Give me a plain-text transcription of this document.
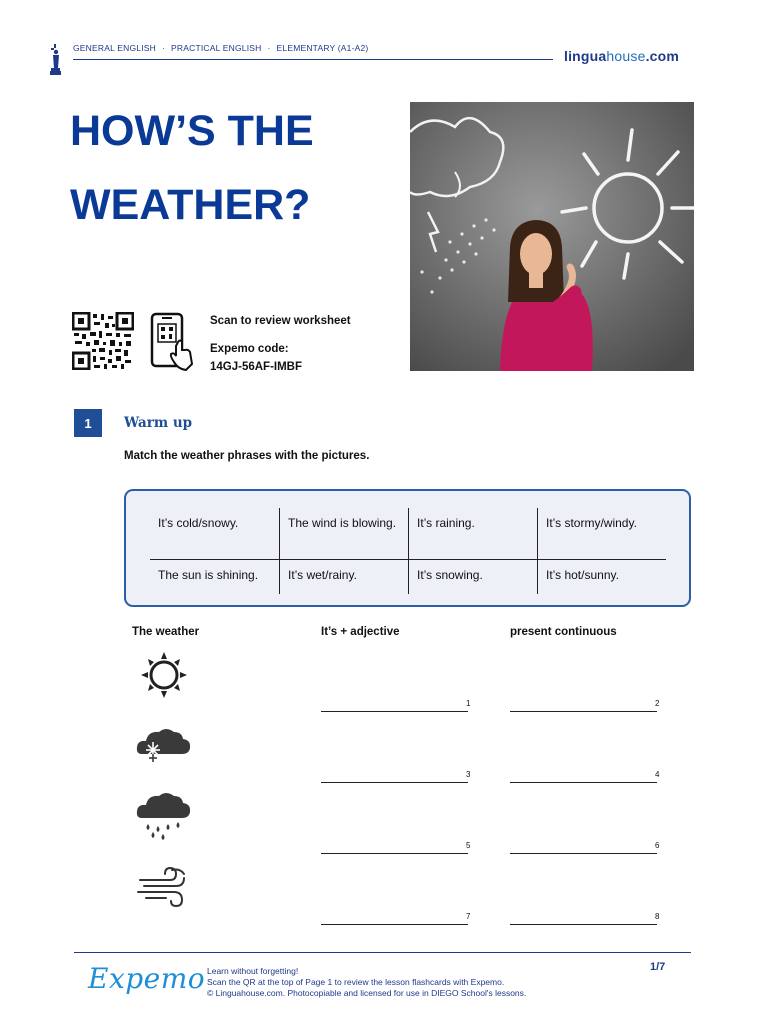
GENERAL ENGLISH · PRACTICAL ENGLISH · ELEMENTARY (A1-A2)	linguahouse.com
HOW’S THE
WEATHER?
Scan to review worksheet
Expemo code:
14GJ-56AF-IMBF
1	Warm up
Match the weather phrases with the pictures.
It’s cold/snowy.	The wind is blowing.	It’s raining.	It’s stormy/windy.
The sun is shining.	It’s wet/rainy.	It’s snowing.	It’s hot/sunny.
The weather	It’s + adjective	present continuous
1	2
3	4
5	6
7	8
Expemo Learn without forgetting!
Scan the QR at the top of Page 1 to review the lesson flashcards with Expemo.
© Linguahouse.com. Photocopiable and licensed for use in DIEGO School's lessons.
1/7
